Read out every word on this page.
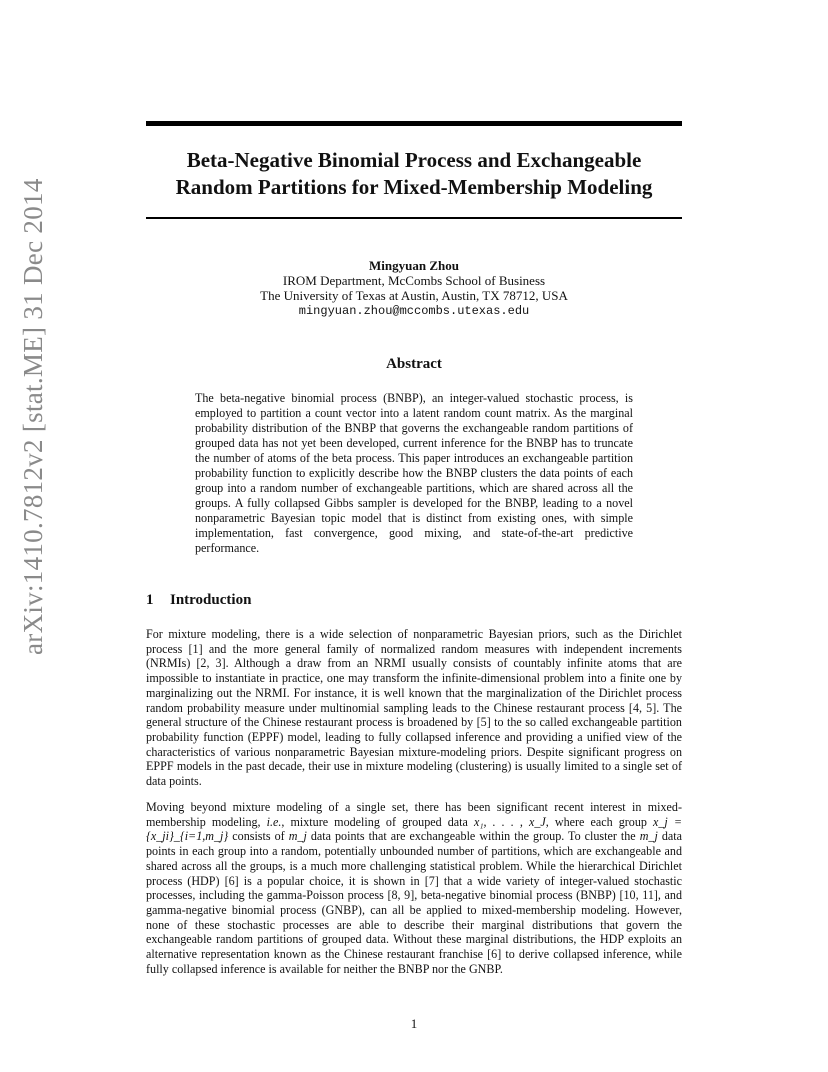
arXiv:1410.7812v2 [stat.ME] 31 Dec 2014
Beta-Negative Binomial Process and Exchangeable
Random Partitions for Mixed-Membership Modeling
Mingyuan Zhou
IROM Department, McCombs School of Business
The University of Texas at Austin, Austin, TX 78712, USA
mingyuan.zhou@mccombs.utexas.edu
Abstract

The beta-negative binomial process (BNBP), an integer-valued stochastic process, is employed to partition a count vector into a latent random count matrix. As the marginal probability distribution of the BNBP that governs the exchangeable random partitions of grouped data has not yet been developed, current inference for the BNBP has to truncate the number of atoms of the beta process. This paper introduces an exchangeable partition probability function to explicitly describe how the BNBP clusters the data points of each group into a random number of exchangeable partitions, which are shared across all the groups. A fully collapsed Gibbs sampler is developed for the BNBP, leading to a novel nonparametric Bayesian topic model that is distinct from existing ones, with simple implementation, fast convergence, good mixing, and state-of-the-art predictive performance.

1 Introduction

For mixture modeling, there is a wide selection of nonparametric Bayesian priors, such as the Dirichlet process [1] and the more general family of normalized random measures with independent increments (NRMIs) [2, 3]. Although a draw from an NRMI usually consists of countably infinite atoms that are impossible to instantiate in practice, one may transform the infinite-dimensional problem into a finite one by marginalizing out the NRMI. For instance, it is well known that the marginalization of the Dirichlet process random probability measure under multinomial sampling leads to the Chinese restaurant process [4, 5]. The general structure of the Chinese restaurant process is broadened by [5] to the so called exchangeable partition probability function (EPPF) model, leading to fully collapsed inference and providing a unified view of the characteristics of various nonparametric Bayesian mixture-modeling priors. Despite significant progress on EPPF models in the past decade, their use in mixture modeling (clustering) is usually limited to a single set of data points.

Moving beyond mixture modeling of a single set, there has been significant recent interest in mixed-membership modeling, i.e., mixture modeling of grouped data x₁, . . . , x_J, where each group x_j = {x_ji}_{i=1,m_j} consists of m_j data points that are exchangeable within the group. To cluster the m_j data points in each group into a random, potentially unbounded number of partitions, which are exchangeable and shared across all the groups, is a much more challenging statistical problem. While the hierarchical Dirichlet process (HDP) [6] is a popular choice, it is shown in [7] that a wide variety of integer-valued stochastic processes, including the gamma-Poisson process [8, 9], beta-negative binomial process (BNBP) [10, 11], and gamma-negative binomial process (GNBP), can all be applied to mixed-membership modeling. However, none of these stochastic processes are able to describe their marginal distributions that govern the exchangeable random partitions of grouped data. Without these marginal distributions, the HDP exploits an alternative representation known as the Chinese restaurant franchise [6] to derive collapsed inference, while fully collapsed inference is available for neither the BNBP nor the GNBP.

1
